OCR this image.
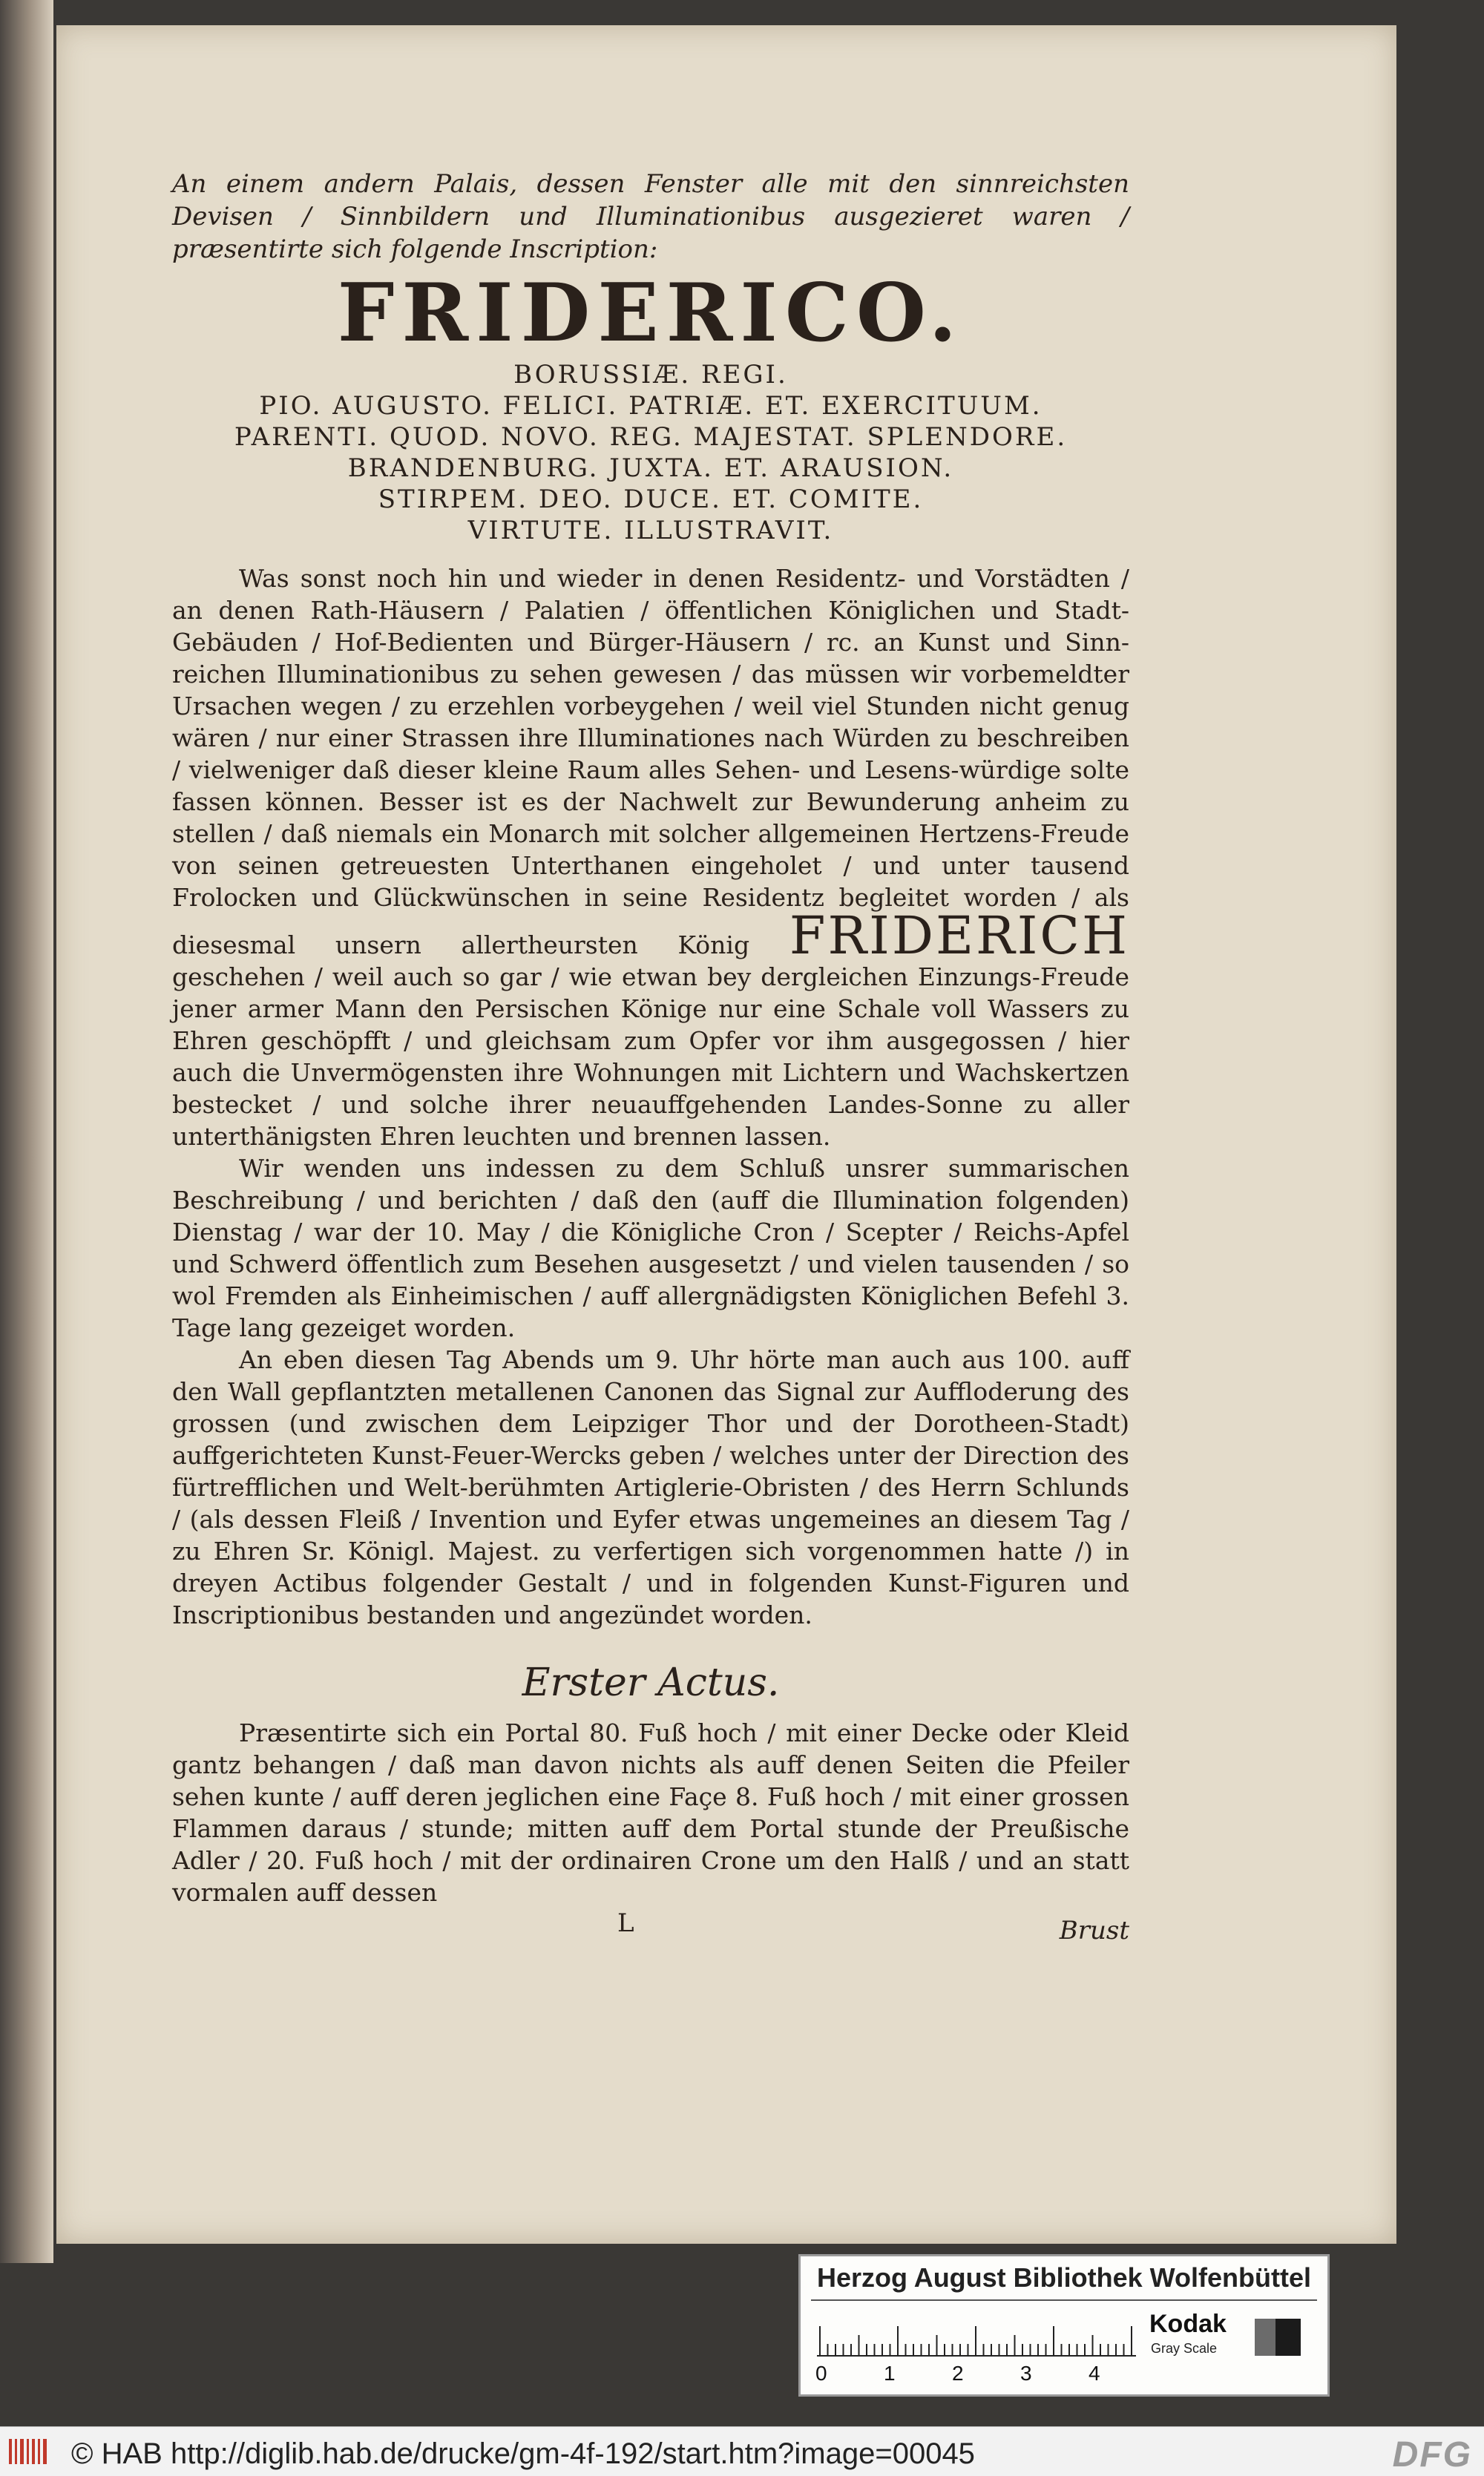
An einem andern Palais, dessen Fenster alle mit den sinnreichsten Devisen / Sinnbildern und Illuminationibus ausgezieret waren / præsentirte sich folgende Inscription:
FRIDERICO.
BORUSSIÆ. REGI.
PIO. AUGUSTO. FELICI. PATRIÆ. ET. EXERCITUUM.
PARENTI. QUOD. NOVO. REG. MAJESTAT. SPLENDORE.
BRANDENBURG. JUXTA. ET. ARAUSION.
STIRPEM. DEO. DUCE. ET. COMITE.
VIRTUTE. ILLUSTRAVIT.

Was sonst noch hin und wieder in denen Residentz- und Vorstädten / an denen Rath-Häusern / Palatien / öffentlichen Königlichen und Stadt-Gebäuden / Hof-Bedienten und Bürger-Häusern / rc. an Kunst und Sinn-reichen Illuminationibus zu sehen gewesen / das müssen wir vorbemeldter Ursachen wegen / zu erzehlen vorbeygehen / weil viel Stunden nicht genug wären / nur einer Strassen ihre Illuminationes nach Würden zu beschreiben / vielweniger daß dieser kleine Raum alles Sehen- und Lesens-würdige solte fassen können. Besser ist es der Nachwelt zur Bewunderung anheim zu stellen / daß niemals ein Monarch mit solcher allgemeinen Hertzens-Freude von seinen getreuesten Unterthanen eingeholet / und unter tausend Frolocken und Glückwünschen in seine Residentz begleitet worden / als diesesmal unsern allertheursten König FRIDERICH geschehen / weil auch so gar / wie etwan bey dergleichen Einzungs-Freude jener armer Mann den Persischen Könige nur eine Schale voll Wassers zu Ehren geschöpfft / und gleichsam zum Opfer vor ihm ausgegossen / hier auch die Unvermögensten ihre Wohnungen mit Lichtern und Wachskertzen bestecket / und solche ihrer neuauffgehenden Landes-Sonne zu aller unterthänigsten Ehren leuchten und brennen lassen.

Wir wenden uns indessen zu dem Schluß unsrer summarischen Beschreibung / und berichten / daß den (auff die Illumination folgenden) Dienstag / war der 10. May / die Königliche Cron / Scepter / Reichs-Apfel und Schwerd öffentlich zum Besehen ausgesetzt / und vielen tausenden / so wol Fremden als Einheimischen / auff allergnädigsten Königlichen Befehl 3. Tage lang gezeiget worden.

An eben diesen Tag Abends um 9. Uhr hörte man auch aus 100. auff den Wall gepflantzten metallenen Canonen das Signal zur Auffloderung des grossen (und zwischen dem Leipziger Thor und der Dorotheen-Stadt) auffgerichteten Kunst-Feuer-Wercks geben / welches unter der Direction des fürtrefflichen und Welt-berühmten Artiglerie-Obristen / des Herrn Schlunds / (als dessen Fleiß / Invention und Eyfer etwas ungemeines an diesem Tag / zu Ehren Sr. Königl. Majest. zu verfertigen sich vorgenommen hatte /) in dreyen Actibus folgender Gestalt / und in folgenden Kunst-Figuren und Inscriptionibus bestanden und angezündet worden.

Erster Actus.

Præsentirte sich ein Portal 80. Fuß hoch / mit einer Decke oder Kleid gantz behangen / daß man davon nichts als auff denen Seiten die Pfeiler sehen kunte / auff deren jeglichen eine Façe 8. Fuß hoch / mit einer grossen Flammen daraus / stunde; mitten auff dem Portal stunde der Preußische Adler / 20. Fuß hoch / mit der ordinairen Crone um den Halß / und an statt vormalen auff dessen

L	Brust
Herzog August Bibliothek Wolfenbüttel
Kodak
Gray Scale
0	1	2	3	4
© HAB http://diglib.hab.de/drucke/gm-4f-192/start.htm?image=00045	DFG
